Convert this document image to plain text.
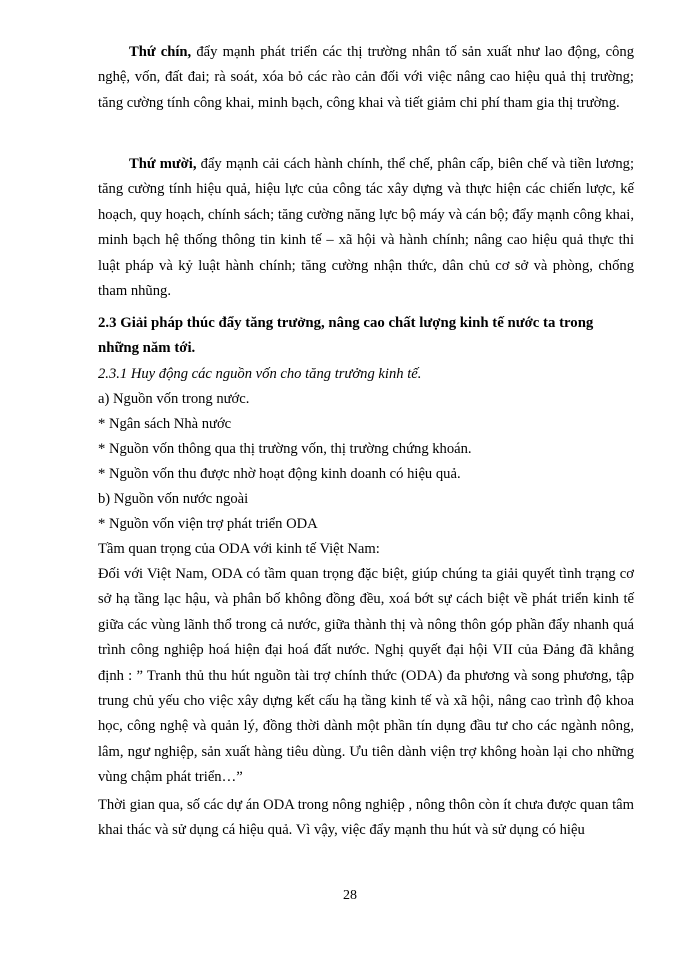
Thứ chín, đẩy mạnh phát triển các thị trường nhân tố sản xuất như lao động, công nghệ, vốn, đất đai; rà soát, xóa bỏ các rào cản đối với việc nâng cao hiệu quả thị trường; tăng cường tính công khai, minh bạch, công khai và tiết giảm chi phí tham gia thị trường.

Thứ mười, đẩy mạnh cải cách hành chính, thể chế, phân cấp, biên chế và tiền lương; tăng cường tính hiệu quả, hiệu lực của công tác xây dựng và thực hiện các chiến lược, kế hoạch, quy hoạch, chính sách; tăng cường năng lực bộ máy và cán bộ; đẩy mạnh công khai, minh bạch hệ thống thông tin kinh tế – xã hội và hành chính; nâng cao hiệu quả thực thi luật pháp và kỷ luật hành chính; tăng cường nhận thức, dân chủ cơ sở và phòng, chống tham nhũng.

2.3 Giải pháp thúc đẩy tăng trưởng, nâng cao chất lượng kinh tế nước ta trong những năm tới.

2.3.1 Huy động các nguồn vốn cho tăng trưởng kinh tế.

a) Nguồn vốn trong nước.

* Ngân sách Nhà nước

* Nguồn vốn thông qua thị trường vốn, thị trường chứng khoán.

* Nguồn vốn thu được nhờ hoạt động kinh doanh có hiệu quả.

b) Nguồn vốn nước ngoài

* Nguồn vốn viện trợ phát triển ODA

Tầm quan trọng của ODA với kinh tế Việt Nam:

Đối với Việt Nam, ODA có tầm quan trọng đặc biệt, giúp chúng ta giải quyết tình trạng cơ sở hạ tầng lạc hậu, và phân bố không đồng đều, xoá bớt sự cách biệt về phát triển kinh tế giữa các vùng lãnh thổ trong cả nước, giữa thành thị và nông thôn góp phần đẩy nhanh quá trình công nghiệp hoá hiện đại hoá đất nước. Nghị quyết đại hội VII của Đảng đã khẳng định : ” Tranh thủ thu hút nguồn tài trợ chính thức (ODA) đa phương và song phương, tập trung chủ yếu cho việc xây dựng kết cấu hạ tầng kinh tế và xã hội, nâng cao trình độ khoa học, công nghệ và quản lý, đồng thời dành một phần tín dụng đầu tư cho các ngành nông, lâm, ngư nghiệp, sản xuất hàng tiêu dùng. Ưu tiên dành viện trợ không hoàn lại cho những vùng chậm phát triển…”

Thời gian qua, số các dự án ODA trong nông nghiệp , nông thôn còn ít chưa được quan tâm khai thác và sử dụng cá hiệu quả. Vì vậy, việc đẩy mạnh thu hút và sử dụng có hiệu

28
